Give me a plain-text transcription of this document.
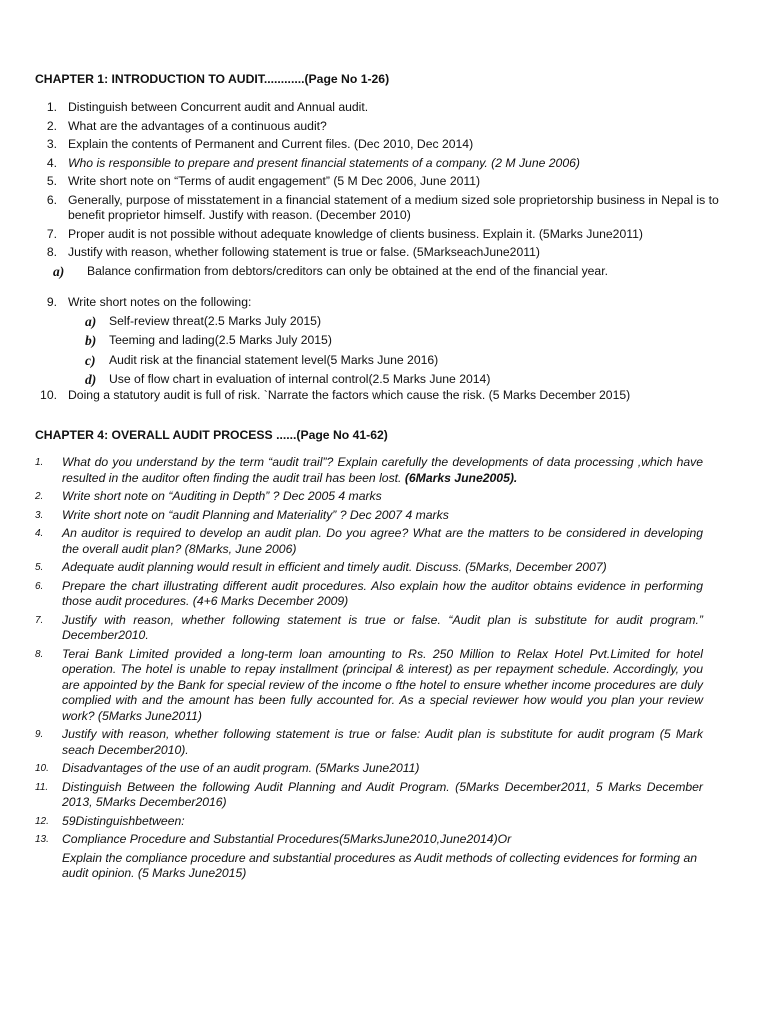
CHAPTER 1: INTRODUCTION TO AUDIT............(Page No 1-26)
1. Distinguish between Concurrent audit and Annual audit.
2. What are the advantages of a continuous audit?
3. Explain the contents of Permanent and Current files. (Dec 2010, Dec 2014)
4. Who is responsible to prepare and present financial statements of a company. (2 M June 2006)
5. Write short note on “Terms of audit engagement” (5 M Dec 2006, June 2011)
6. Generally, purpose of misstatement in a financial statement of a medium sized sole proprietorship business in Nepal is to benefit proprietor himself. Justify with reason. (December 2010)
7. Proper audit is not possible without adequate knowledge of clients business. Explain it. (5Marks June2011)
8. Justify with reason, whether following statement is true or false. (5MarkseachJune2011)
a) Balance confirmation from debtors/creditors can only be obtained at the end of the financial year.
9. Write short notes on the following:
a) Self-review threat(2.5 Marks July 2015)
b) Teeming and lading(2.5 Marks July 2015)
c) Audit risk at the financial statement level(5 Marks June 2016)
d) Use of flow chart in evaluation of internal control(2.5 Marks June 2014)
10. Doing a statutory audit is full of risk. `Narrate the factors which cause the risk. (5 Marks December 2015)
CHAPTER 4: OVERALL AUDIT PROCESS ......(Page No 41-62)
1.	What do you understand by the term “audit trail”? Explain carefully the developments of data processing ,which have resulted in the auditor often finding the audit trail has been lost. (6Marks June2005).
2.	Write short note on “Auditing in Depth” ? Dec 2005 4 marks
3.	Write short note on “audit Planning and Materiality” ? Dec 2007 4 marks
4.	An auditor is required to develop an audit plan. Do you agree? What are the matters to be considered in developing the overall audit plan? (8Marks, June 2006)
5.	Adequate audit planning would result in efficient and timely audit. Discuss. (5Marks, December 2007)
6.	Prepare the chart illustrating different audit procedures. Also explain how the auditor obtains evidence in performing those audit procedures. (4+6 Marks December 2009)
7.	Justify with reason, whether following statement is true or false. “Audit plan is substitute for audit program.” December2010.
8.	Terai Bank Limited provided a long-term loan amounting to Rs. 250 Million to Relax Hotel Pvt.Limited for hotel operation. The hotel is unable to repay installment (principal & interest) as per repayment schedule. Accordingly, you are appointed by the Bank for special review of the income o fthe hotel to ensure whether income procedures are duly complied with and the amount has been fully accounted for. As a special reviewer how would you plan your review work? (5Marks June2011)
9.	Justify with reason, whether following statement is true or false: Audit plan is substitute for audit program (5 Mark seach December2010).
10. Disadvantages of the use of an audit program. (5Marks June2011)
11. Distinguish Between the following Audit Planning and Audit Program. (5Marks December2011, 5 Marks December 2013, 5Marks December2016)
12. 59Distinguishbetween:
13. Compliance Procedure and Substantial Procedures(5MarksJune2010,June2014)Or
Explain the compliance procedure and substantial procedures as Audit methods of collecting evidences for forming an audit opinion. (5 Marks June2015)
